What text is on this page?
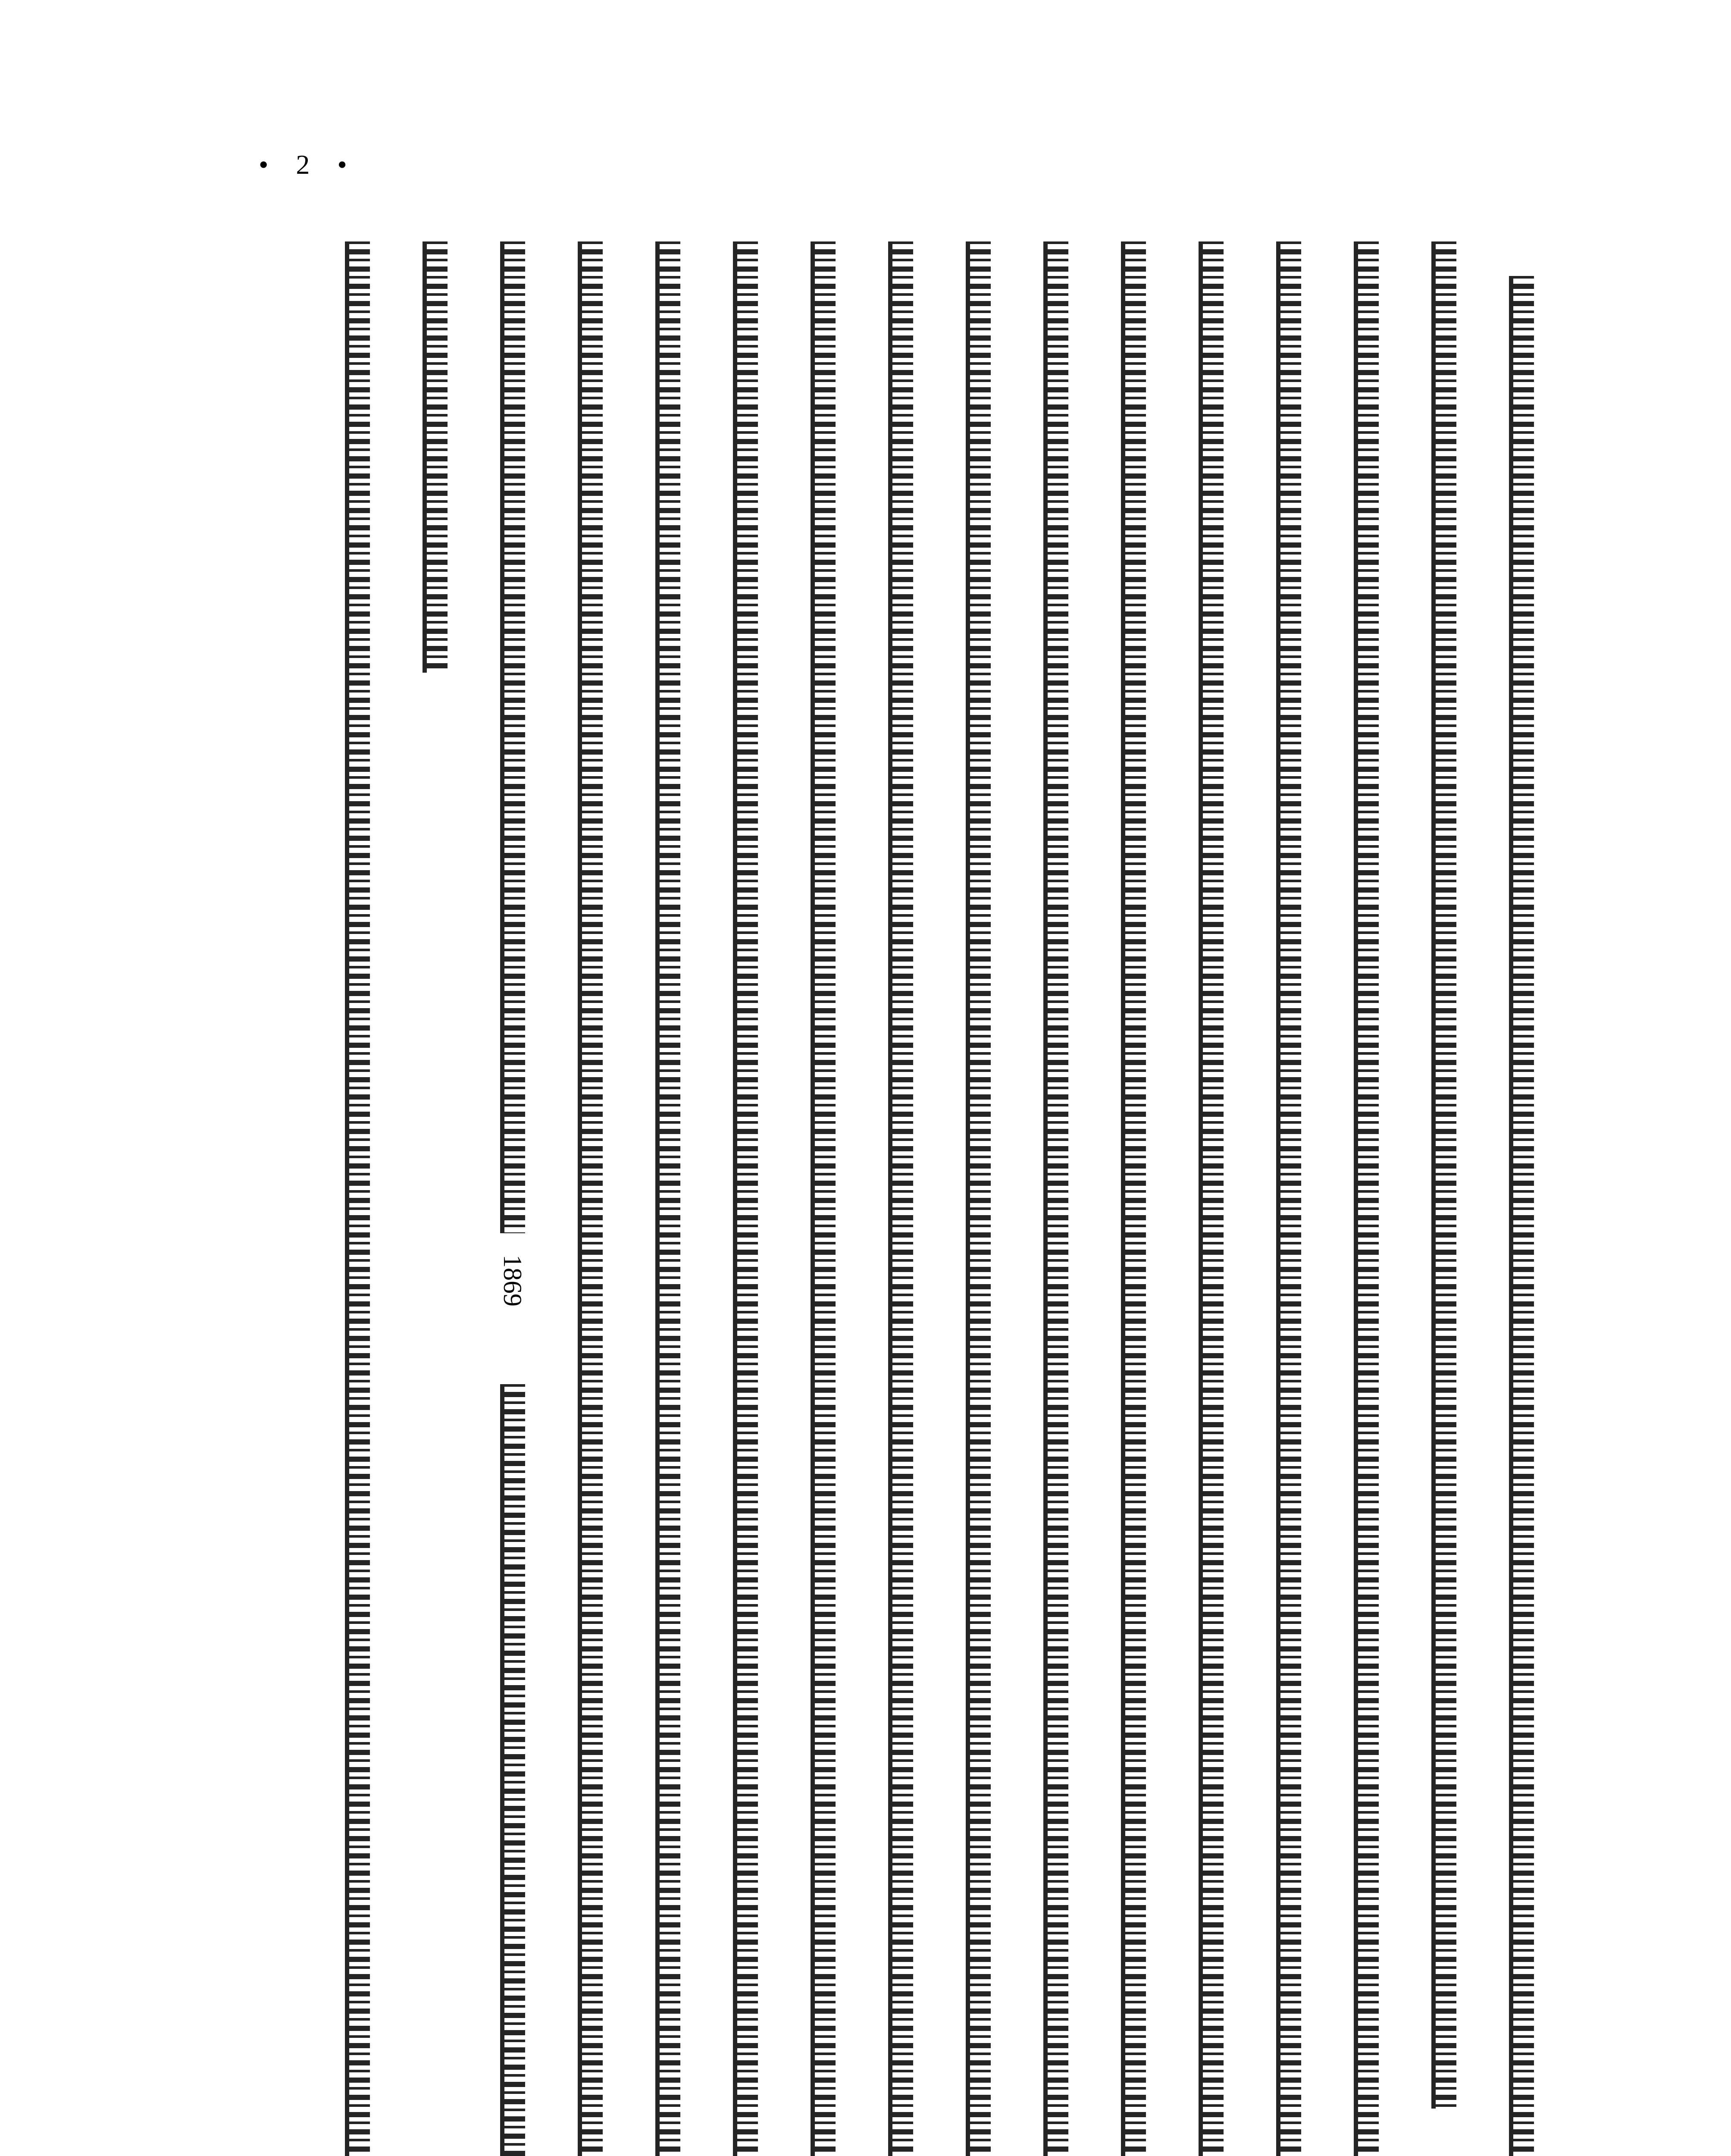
• 2 •
1869
